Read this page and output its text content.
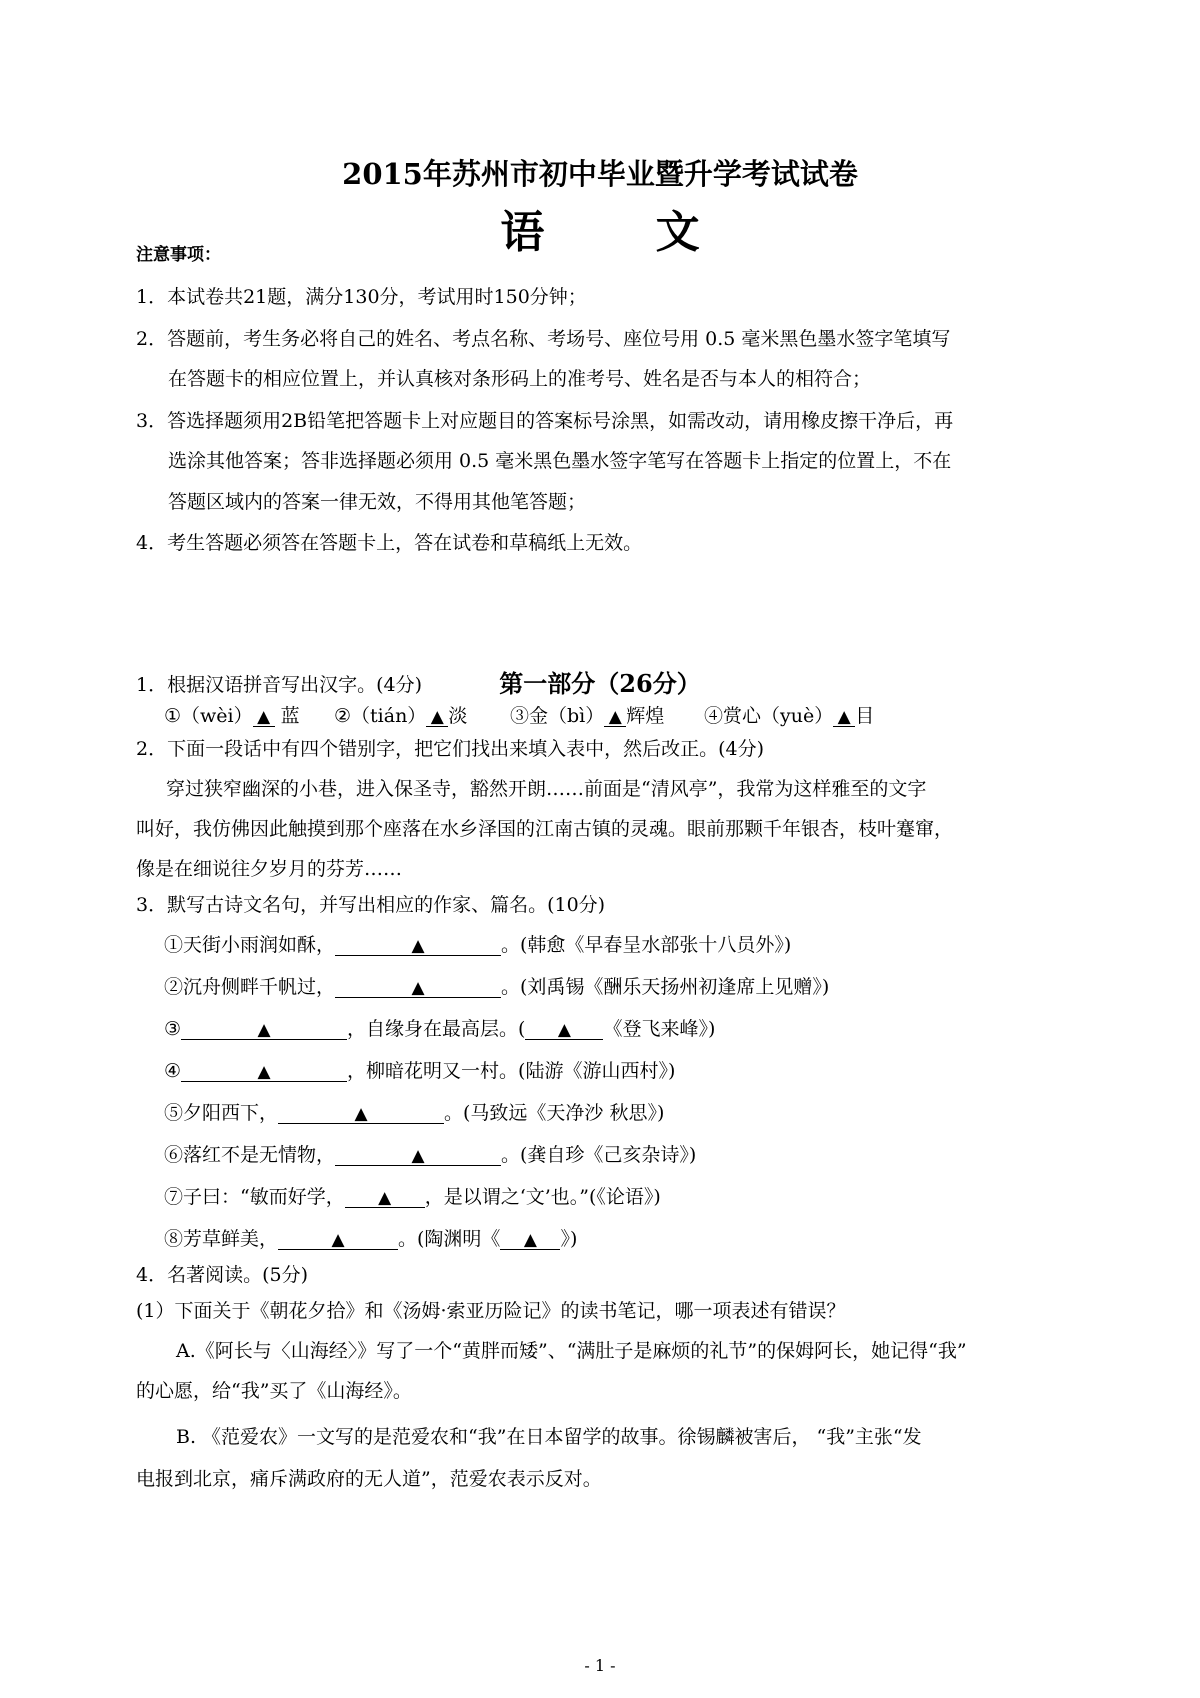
2015年苏州市初中毕业暨升学考试试卷
语 文
注意事项：
1．本试卷共21题，满分130分，考试用时150分钟；
2．答题前，考生务必将自己的姓名、考点名称、考场号、座位号用 0.5 毫米黑色墨水签字笔填写
在答题卡的相应位置上，并认真核对条形码上的准考号、姓名是否与本人的相符合；
3．答选择题须用2B铅笔把答题卡上对应题目的答案标号涂黑，如需改动，请用橡皮擦干净后，再
选涂其他答案；答非选择题必须用 0.5 毫米黑色墨水签字笔写在答题卡上指定的位置上，不在
答题区域内的答案一律无效，不得用其他笔答题；
4．考生答题必须答在答题卡上，答在试卷和草稿纸上无效。
第一部分（26分）
1．根据汉语拼音写出汉字。(4分)
①（wèi） ▲ 蓝 ②（tián） ▲ 淡 ③金（bì） ▲ 辉煌 ④赏心（yuè） ▲ 目
2．下面一段话中有四个错别字，把它们找出来填入表中，然后改正。(4分)
穿过狭窄幽深的小巷，进入保圣寺，豁然开朗……前面是“清风亭”，我常为这样雅至的文字
叫好，我仿佛因此触摸到那个座落在水乡泽国的江南古镇的灵魂。眼前那颗千年银杏，枝叶蹇窜，
像是在细说往夕岁月的芬芳……
3．默写古诗文名句，并写出相应的作家、篇名。(10分)
①天街小雨润如酥，	▲	。(韩愈《早春呈水部张十八员外》)
②沉舟侧畔千帆过，	▲	。(刘禹锡《酬乐天扬州初逢席上见赠》)
③	▲	，自缘身在最高层。( ▲ 《登飞来峰》)
④	▲	，柳暗花明又一村。(陆游《游山西村》)
⑤夕阳西下，	▲	。(马致远《天净沙 秋思》)
⑥落红不是无情物，	▲	。(龚自珍《己亥杂诗》)
⑦子曰：“敏而好学， ▲ ，是以谓之‘文’也。”(《论语》)
⑧芳草鲜美，	▲	。(陶渊明《 ▲ 》)
4．名著阅读。(5分)
(1）下面关于《朝花夕拾》和《汤姆·索亚历险记》的读书笔记，哪一项表述有错误？
A.《阿长与〈山海经〉》写了一个“黄胖而矮”、“满肚子是麻烦的礼节”的保姆阿长，她记得“我”
的心愿，给“我”买了《山海经》。
B. 《范爱农》一文写的是范爱农和“我”在日本留学的故事。徐锡麟被害后， “我”主张“发
电报到北京，痛斥满政府的无人道”，范爱农表示反对。
- 1 -
